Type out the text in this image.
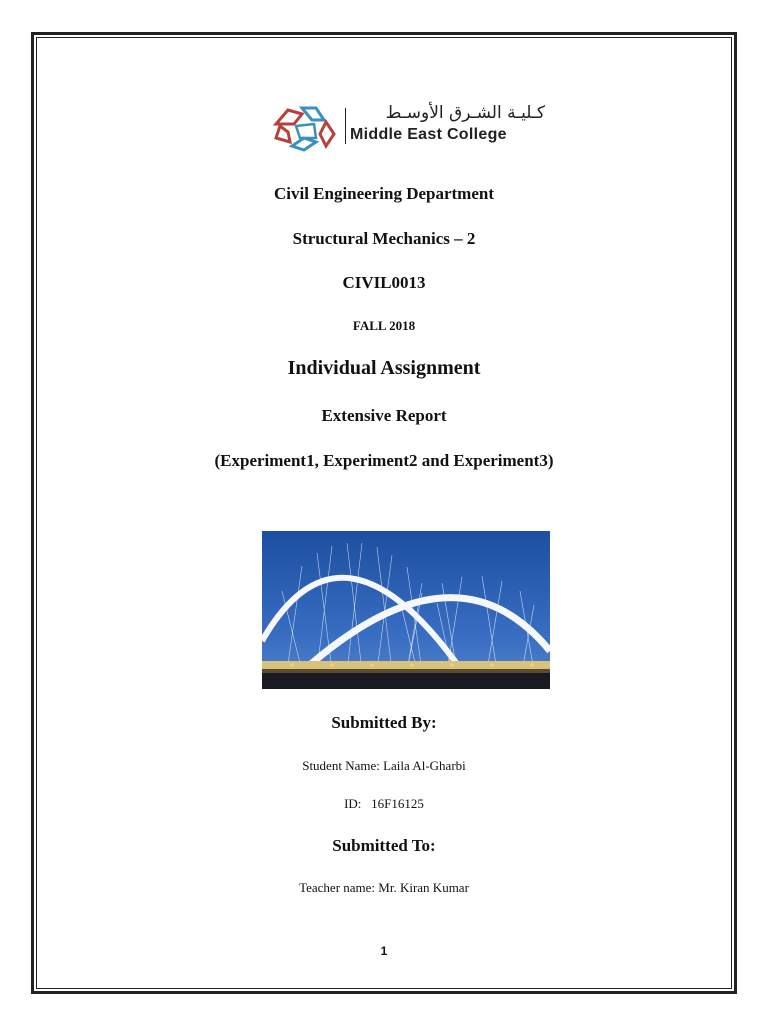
كـليـة الشـرق الأوسـط
Middle East College
Civil Engineering Department
Structural Mechanics – 2
CIVIL0013
FALL 2018
Individual Assignment
Extensive Report
(Experiment1, Experiment2 and Experiment3)
Submitted By:
Student Name: Laila Al-Gharbi
ID:   16F16125
Submitted To:
Teacher name: Mr. Kiran Kumar
1
